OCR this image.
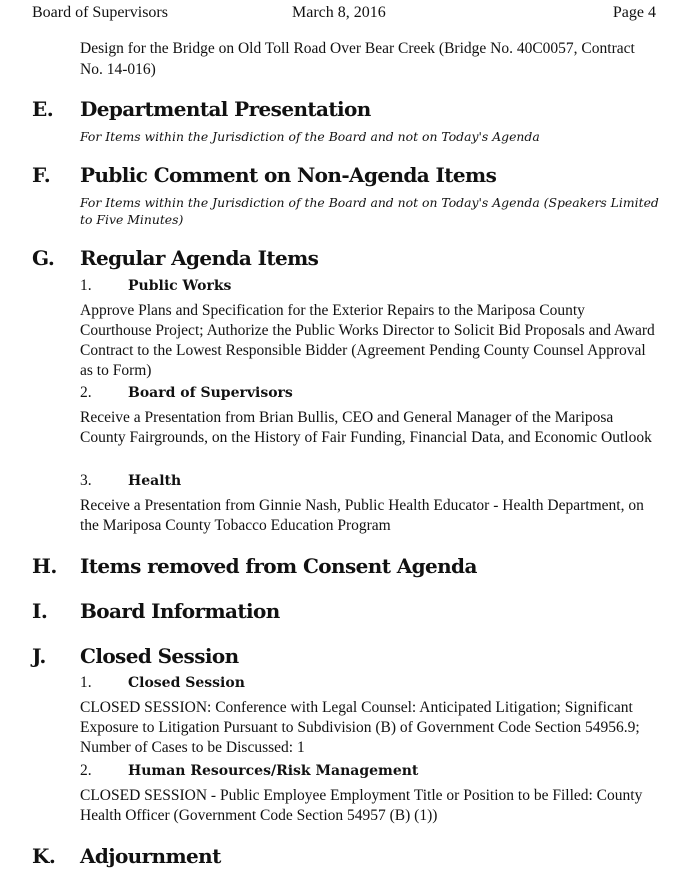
Board of Supervisors	March 8, 2016	Page 4
Design for the Bridge on Old Toll Road Over Bear Creek (Bridge No. 40C0057, Contract No. 14-016)
E. Departmental Presentation
For Items within the Jurisdiction of the Board and not on Today's Agenda
F. Public Comment on Non-Agenda Items
For Items within the Jurisdiction of the Board and not on Today's Agenda (Speakers Limited to Five Minutes)
G. Regular Agenda Items
1.	Public Works
Approve Plans and Specification for the Exterior Repairs to the Mariposa County Courthouse Project; Authorize the Public Works Director to Solicit Bid Proposals and Award Contract to the Lowest Responsible Bidder (Agreement Pending County Counsel Approval as to Form)
2.	Board of Supervisors
Receive a Presentation from Brian Bullis, CEO and General Manager of the Mariposa County Fairgrounds, on the History of Fair Funding, Financial Data, and Economic Outlook
3.	Health
Receive a Presentation from Ginnie Nash, Public Health Educator - Health Department, on the Mariposa County Tobacco Education Program
H. Items removed from Consent Agenda
I. Board Information
J. Closed Session
1.	Closed Session
CLOSED SESSION: Conference with Legal Counsel: Anticipated Litigation; Significant Exposure to Litigation Pursuant to Subdivision (B) of Government Code Section 54956.9; Number of Cases to be Discussed: 1
2.	Human Resources/Risk Management
CLOSED SESSION - Public Employee Employment Title or Position to be Filled: County Health Officer (Government Code Section 54957 (B) (1))
K. Adjournment
